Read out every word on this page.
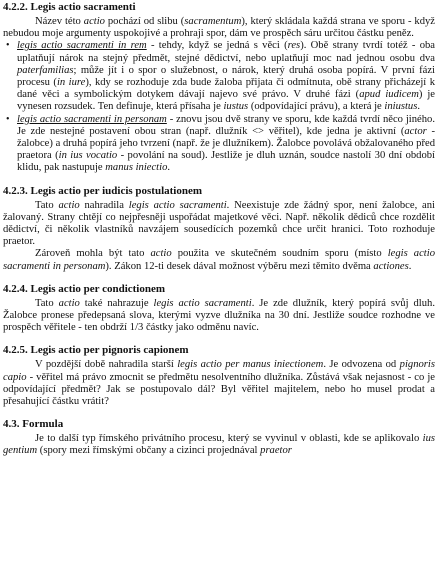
4.2.2. Legis actio sacramenti

Název této actio pochází od slibu (sacramentum), který skládala každá strana ve sporu - když nebudou moje argumenty uspokojivé a prohraji spor, dám ve prospěch sáru určitou částku peněz.

• legis actio sacramenti in rem - tehdy, když se jedná s věci (res). Obě strany tvrdí totéž - oba uplatňují nárok na stejný předmět, stejné dědictví, nebo uplatňují moc nad jednou osobu dva paterfamilias; může jít i o spor o služebnost, o nárok, který druhá osoba popírá. V první fázi procesu (in iure), kdy se rozhoduje zda bude žaloba přijata či odmítnuta, obě strany přicházejí k dané věci a symbolickým dotykem dávají najevo své právo. V druhé fázi (apud iudicem) je vynesen rozsudek. Ten definuje, která přísaha je iustus (odpovídající právu), a která je iniustus.
• legis actio sacramenti in personam - znovu jsou dvě strany ve sporu, kde každá tvrdí něco jiného. Je zde nestejné postavení obou stran (např. dlužník <> věřitel), kde jedna je aktivní (actor - žalobce) a druhá popírá jeho tvrzení (např. že je dlužníkem). Žalobce povolává obžalovaného před praetora (in ius vocatio - povolání na soud). Jestliže je dluh uznán, soudce nastolí 30 dní období klidu, pak nastupuje manus iniectio.
4.2.3. Legis actio per iudicis postulationem

Tato actio nahradila legis actio sacramenti. Neexistuje zde žádný spor, není žalobce, ani žalovaný. Strany chtějí co nejpřesněji uspořádat majetkové věci. Např. několik dědiců chce rozdělit dědictví, či několik vlastníků navzájem sousedících pozemků chce určit hranici. Toto rozhoduje praetor.

Zároveň mohla být tato actio použita ve skutečném soudním sporu (místo legis actio sacramenti in personam). Zákon 12-ti desek dával možnost výběru mezi těmito dvěma actiones.

4.2.4. Legis actio per condictionem

Tato actio také nahrazuje legis actio sacramenti. Je zde dlužník, který popírá svůj dluh. Žalobce pronese předepsaná slova, kterými vyzve dlužníka na 30 dní. Jestliže soudce rozhodne ve prospěch věřitele - ten obdrží 1/3 částky jako odměnu navíc.

4.2.5. Legis actio per pignoris capionem

V pozdější době nahradila starší legis actio per manus iniectionem. Je odvozena od pignoris capio - věřitel má právo zmocnit se předmětu nesolventního dlužníka. Zůstává však nejasnost - co je odpovídající předmět? Jak se postupovalo dál? Byl věřitel majitelem, nebo ho musel prodat a přesahující částku vrátit?

4.3. Formula

Je to další typ římského privátního procesu, který se vyvinul v oblasti, kde se aplikovalo ius gentium (spory mezi římskými občany a cizinci projednával praetor
